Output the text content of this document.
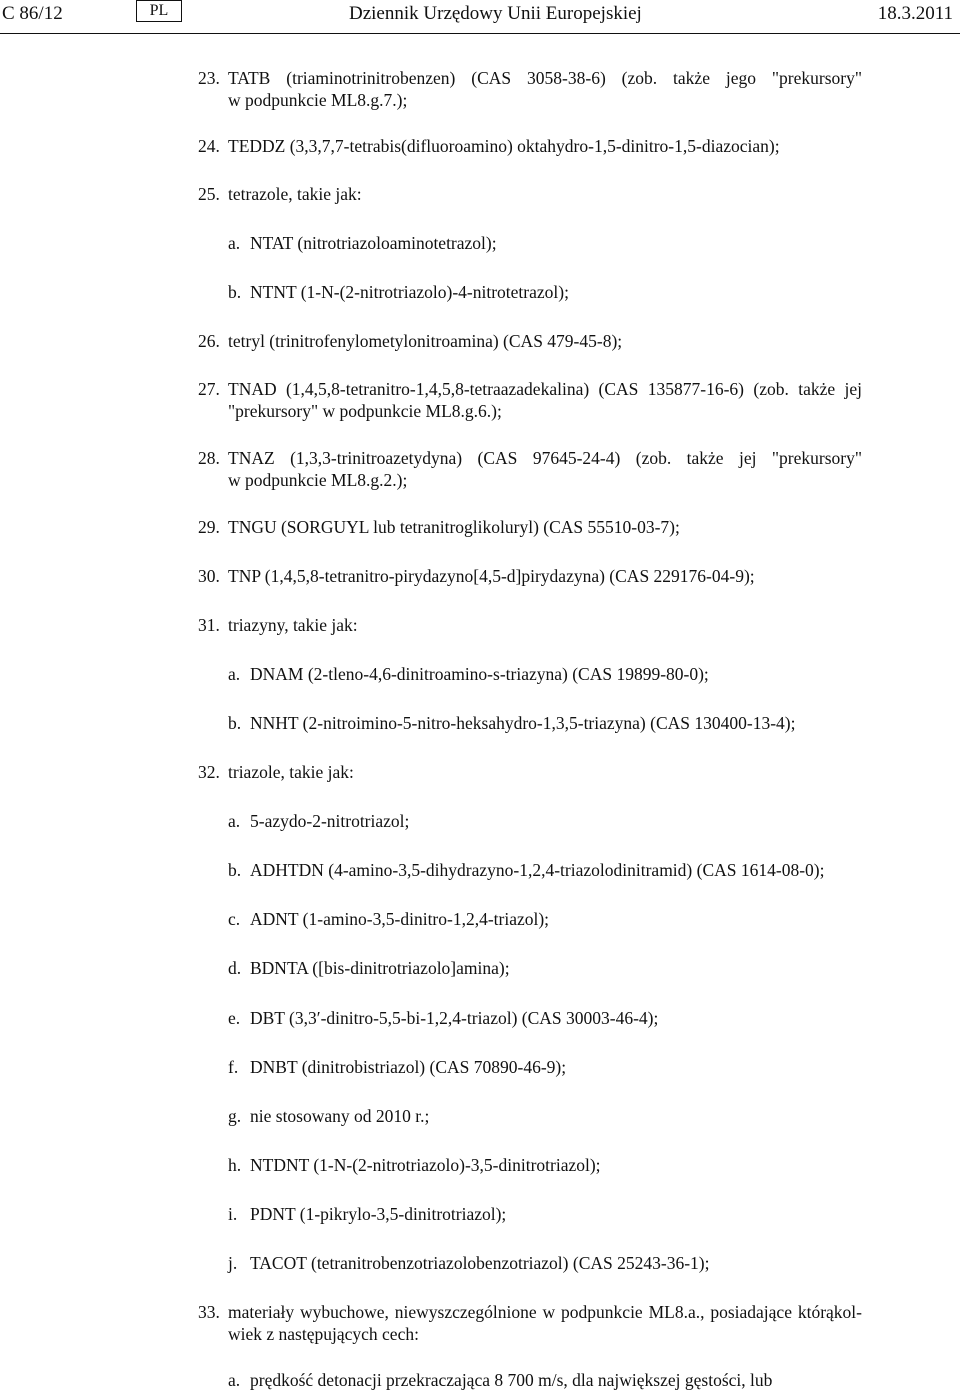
C 86/12	PL	Dziennik Urzędowy Unii Europejskiej	18.3.2011
23. TATB (triaminotrinitrobenzen) (CAS 3058-38-6) (zob. także jego "prekursory"
w podpunkcie ML8.g.7.);
24. TEDDZ (3,3,7,7-tetrabis(difluoroamino) oktahydro-1,5-dinitro-1,5-diazocian);
25. tetrazole, takie jak:
a. NTAT (nitrotriazoloaminotetrazol);
b. NTNT (1-N-(2-nitrotriazolo)-4-nitrotetrazol);
26. tetryl (trinitrofenylometylonitroamina) (CAS 479-45-8);
27. TNAD (1,4,5,8-tetranitro-1,4,5,8-tetraazadekalina) (CAS 135877-16-6) (zob. także jej
"prekursory" w podpunkcie ML8.g.6.);
28. TNAZ (1,3,3-trinitroazetydyna) (CAS 97645-24-4) (zob. także jej "prekursory"
w podpunkcie ML8.g.2.);
29. TNGU (SORGUYL lub tetranitroglikoluryl) (CAS 55510-03-7);
30. TNP (1,4,5,8-tetranitro-pirydazyno[4,5-d]pirydazyna) (CAS 229176-04-9);
31. triazyny, takie jak:
a. DNAM (2-tleno-4,6-dinitroamino-s-triazyna) (CAS 19899-80-0);
b. NNHT (2-nitroimino-5-nitro-heksahydro-1,3,5-triazyna) (CAS 130400-13-4);
32. triazole, takie jak:
a. 5-azydo-2-nitrotriazol;
b. ADHTDN (4-amino-3,5-dihydrazyno-1,2,4-triazolodinitramid) (CAS 1614-08-0);
c. ADNT (1-amino-3,5-dinitro-1,2,4-triazol);
d. BDNTA ([bis-dinitrotriazolo]amina);
e. DBT (3,3′-dinitro-5,5-bi-1,2,4-triazol) (CAS 30003-46-4);
f. DNBT (dinitrobistriazol) (CAS 70890-46-9);
g. nie stosowany od 2010 r.;
h. NTDNT (1-N-(2-nitrotriazolo)-3,5-dinitrotriazol);
i. PDNT (1-pikrylo-3,5-dinitrotriazol);
j. TACOT (tetranitrobenzotriazolobenzotriazol) (CAS 25243-36-1);
33. materiały wybuchowe, niewyszczególnione w podpunkcie ML8.a., posiadające którąkol-
wiek z następujących cech:
a. prędkość detonacji przekraczająca 8 700 m/s, dla największej gęstości, lub
